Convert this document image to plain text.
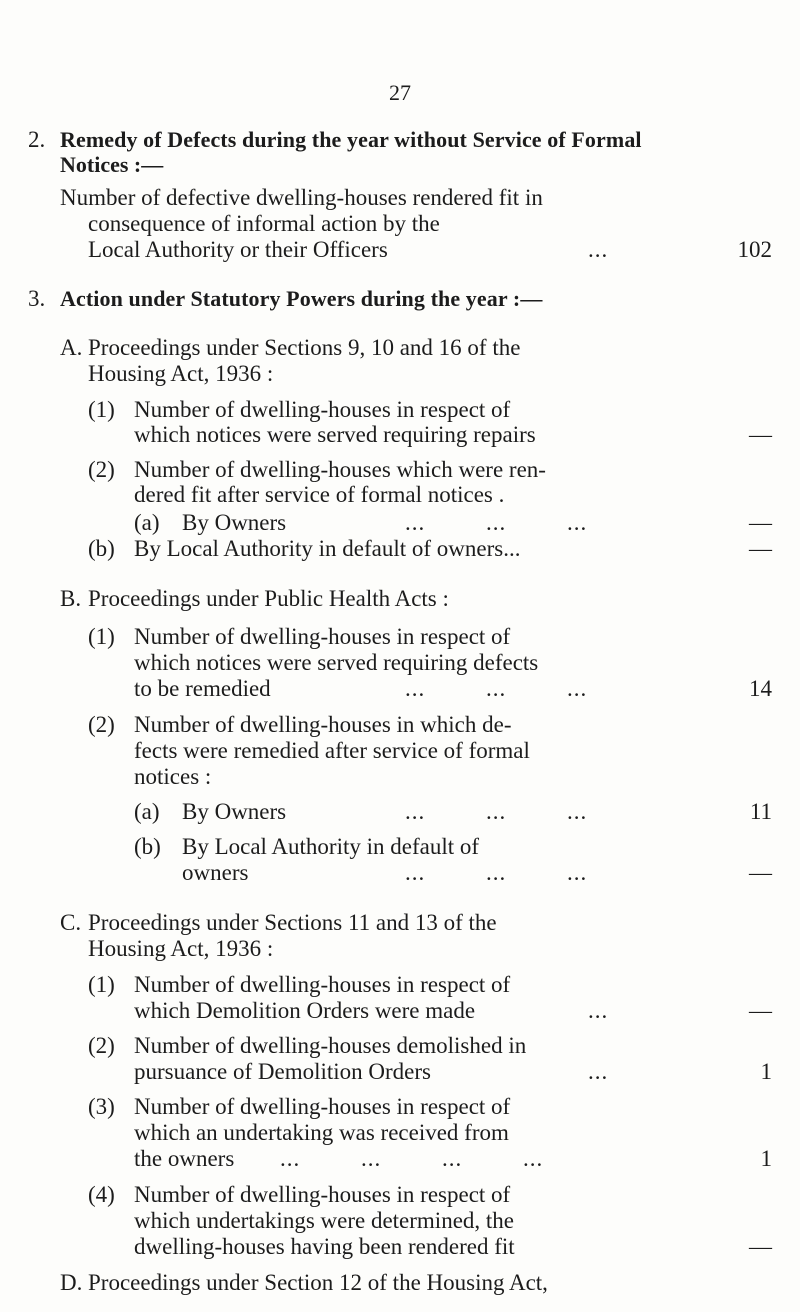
27
2. Remedy of Defects during the year without Service of Formal
Notices :—
Number of defective dwelling-houses rendered fit in
consequence of informal action by the
Local Authority or their Officers	...	102
3. Action under Statutory Powers during the year :—
A. Proceedings under Sections 9, 10 and 16 of the
Housing Act, 1936 :
(1) Number of dwelling-houses in respect of
which notices were served requiring repairs	—
(2) Number of dwelling-houses which were ren-
dered fit after service of formal notices .
(a) By Owners	...         ...         ...	—
(b) By Local Authority in default of owners...	—
B. Proceedings under Public Health Acts :
(1) Number of dwelling-houses in respect of
which notices were served requiring defects
to be remedied	...         ...         ...	14
(2) Number of dwelling-houses in which de-
fects were remedied after service of formal
notices :
(a) By Owners	...         ...         ...	11
(b) By Local Authority in default of
owners	...         ...         ...	—
C. Proceedings under Sections 11 and 13 of the
Housing Act, 1936 :
(1) Number of dwelling-houses in respect of
which Demolition Orders were made	...	—
(2) Number of dwelling-houses demolished in
pursuance of Demolition Orders	...	1
(3) Number of dwelling-houses in respect of
which an undertaking was received from
the owners ...         ...         ...         ...	1
(4) Number of dwelling-houses in respect of
which undertakings were determined, the
dwelling-houses having been rendered fit	—
D. Proceedings under Section 12 of the Housing Act,
